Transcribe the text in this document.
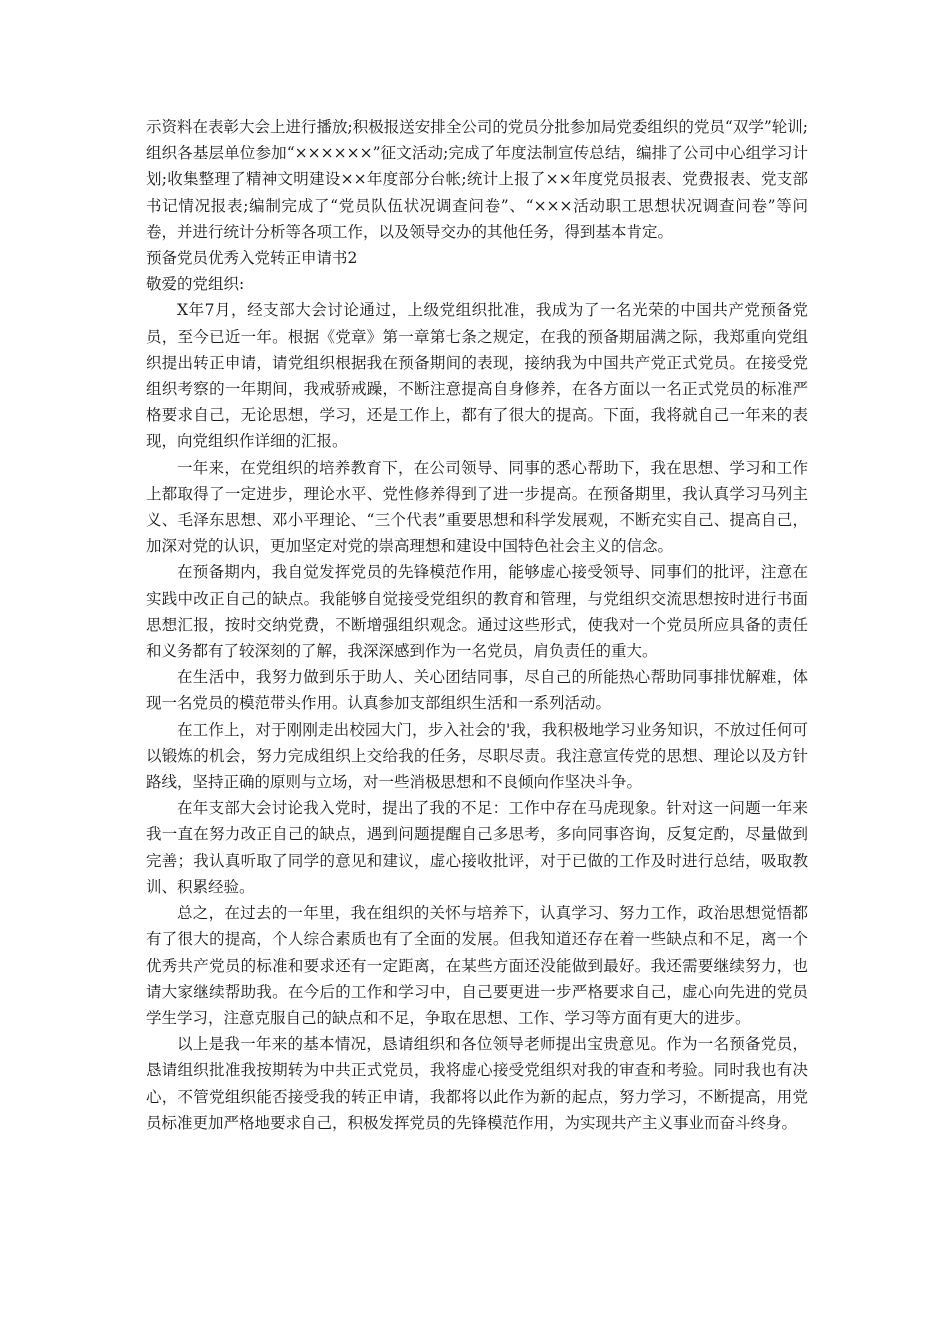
示资料在表彰大会上进行播放;积极报送安排全公司的党员分批参加局党委组织的党员“双学”轮训;组织各基层单位参加“××××××”征文活动;完成了年度法制宣传总结，编排了公司中心组学习计划;收集整理了精神文明建设××年度部分台帐;统计上报了××年度党员报表、党费报表、党支部书记情况报表;编制完成了“党员队伍状况调查问卷”、“×××活动职工思想状况调查问卷”等问卷，并进行统计分析等各项工作，以及领导交办的其他任务，得到基本肯定。

预备党员优秀入党转正申请书2

敬爱的党组织:

X年7月，经支部大会讨论通过，上级党组织批准，我成为了一名光荣的中国共产党预备党员，至今已近一年。根据《党章》第一章第七条之规定，在我的预备期届满之际，我郑重向党组织提出转正申请，请党组织根据我在预备期间的表现，接纳我为中国共产党正式党员。在接受党组织考察的一年期间，我戒骄戒躁，不断注意提高自身修养，在各方面以一名正式党员的标准严格要求自己，无论思想，学习，还是工作上，都有了很大的提高。下面，我将就自己一年来的表现，向党组织作详细的汇报。

一年来，在党组织的培养教育下，在公司领导、同事的悉心帮助下，我在思想、学习和工作上都取得了一定进步，理论水平、党性修养得到了进一步提高。在预备期里，我认真学习马列主义、毛泽东思想、邓小平理论、“三个代表”重要思想和科学发展观，不断充实自己、提高自己，加深对党的认识，更加坚定对党的崇高理想和建设中国特色社会主义的信念。

在预备期内，我自觉发挥党员的先锋模范作用，能够虚心接受领导、同事们的批评，注意在实践中改正自己的缺点。我能够自觉接受党组织的教育和管理，与党组织交流思想按时进行书面思想汇报，按时交纳党费，不断增强组织观念。通过这些形式，使我对一个党员所应具备的责任和义务都有了较深刻的了解，我深深感到作为一名党员，肩负责任的重大。

在生活中，我努力做到乐于助人、关心团结同事，尽自己的所能热心帮助同事排忧解难，体现一名党员的模范带头作用。认真参加支部组织生活和一系列活动。

在工作上，对于刚刚走出校园大门，步入社会的'我，我积极地学习业务知识，不放过任何可以锻炼的机会，努力完成组织上交给我的任务，尽职尽责。我注意宣传党的思想、理论以及方针路线，坚持正确的原则与立场，对一些消极思想和不良倾向作坚决斗争。

在年支部大会讨论我入党时，提出了我的不足：工作中存在马虎现象。针对这一问题一年来我一直在努力改正自己的缺点，遇到问题提醒自己多思考，多向同事咨询，反复定酌，尽量做到完善；我认真听取了同学的意见和建议，虚心接收批评，对于已做的工作及时进行总结，吸取教训、积累经验。

总之，在过去的一年里，我在组织的关怀与培养下，认真学习、努力工作，政治思想觉悟都有了很大的提高，个人综合素质也有了全面的发展。但我知道还存在着一些缺点和不足，离一个优秀共产党员的标准和要求还有一定距离，在某些方面还没能做到最好。我还需要继续努力，也请大家继续帮助我。在今后的工作和学习中，自己要更进一步严格要求自己，虚心向先进的党员学生学习，注意克服自己的缺点和不足，争取在思想、工作、学习等方面有更大的进步。

以上是我一年来的基本情况，恳请组织和各位领导老师提出宝贵意见。作为一名预备党员，恳请组织批准我按期转为中共正式党员，我将虚心接受党组织对我的审查和考验。同时我也有决心，不管党组织能否接受我的转正申请，我都将以此作为新的起点，努力学习，不断提高，用党员标准更加严格地要求自己，积极发挥党员的先锋模范作用，为实现共产主义事业而奋斗终身。
